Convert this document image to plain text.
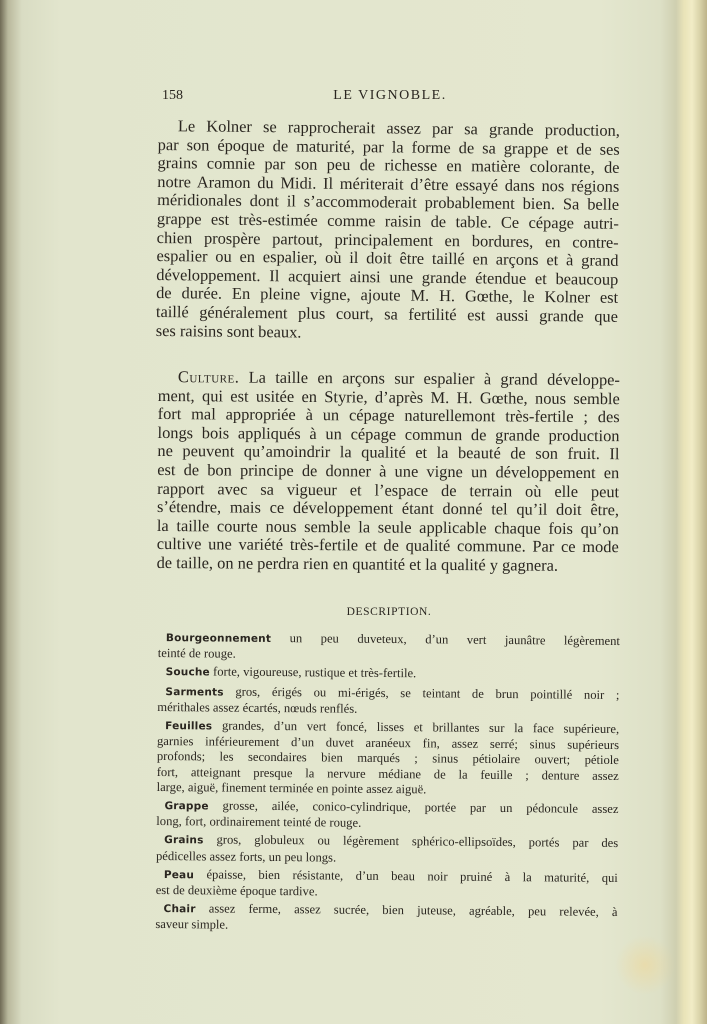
158	LE VIGNOBLE.
Le Kolner se rapprocherait assez par sa grande production,
par son époque de maturité, par la forme de sa grappe et de ses
grains comnie par son peu de richesse en matière colorante, de
notre Aramon du Midi. Il mériterait d’être essayé dans nos régions
méridionales dont il s’accommoderait probablement bien. Sa belle
grappe est très-estimée comme raisin de table. Ce cépage autri-
chien prospère partout, principalement en bordures, en contre-
espalier ou en espalier, où il doit être taillé en arçons et à grand
développement. Il acquiert ainsi une grande étendue et beaucoup
de durée. En pleine vigne, ajoute M. H. Gœthe, le Kolner est
taillé généralement plus court, sa fertilité est aussi grande que
ses raisins sont beaux.
Culture. La taille en arçons sur espalier à grand développe-
ment, qui est usitée en Styrie, d’après M. H. Gœthe, nous semble
fort mal appropriée à un cépage naturellemont très-fertile ; des
longs bois appliqués à un cépage commun de grande production
ne peuvent qu’amoindrir la qualité et la beauté de son fruit. Il
est de bon principe de donner à une vigne un développement en
rapport avec sa vigueur et l’espace de terrain où elle peut
s’étendre, mais ce développement étant donné tel qu’il doit être,
la taille courte nous semble la seule applicable chaque fois qu’on
cultive une variété très-fertile et de qualité commune. Par ce mode
de taille, on ne perdra rien en quantité et la qualité y gagnera.
DESCRIPTION.
Bourgeonnement un peu duveteux, d’un vert jaunâtre légèrement
teinté de rouge.
Souche forte, vigoureuse, rustique et très-fertile.
Sarments gros, érigés ou mi-érigés, se teintant de brun pointillé noir ;
mérithales assez écartés, nœuds renflés.
Feuilles grandes, d’un vert foncé, lisses et brillantes sur la face supérieure,
garnies inférieurement d’un duvet aranéeux fin, assez serré; sinus supérieurs
profonds; les secondaires bien marqués ; sinus pétiolaire ouvert; pétiole
fort, atteignant presque la nervure médiane de la feuille ; denture assez
large, aiguë, finement terminée en pointe assez aiguë.
Grappe grosse, ailée, conico-cylindrique, portée par un pédoncule assez
long, fort, ordinairement teinté de rouge.
Grains gros, globuleux ou légèrement sphérico-ellipsoïdes, portés par des
pédicelles assez forts, un peu longs.
Peau épaisse, bien résistante, d’un beau noir pruiné à la maturité, qui
est de deuxième époque tardive.
Chair assez ferme, assez sucrée, bien juteuse, agréable, peu relevée, à
saveur simple.
